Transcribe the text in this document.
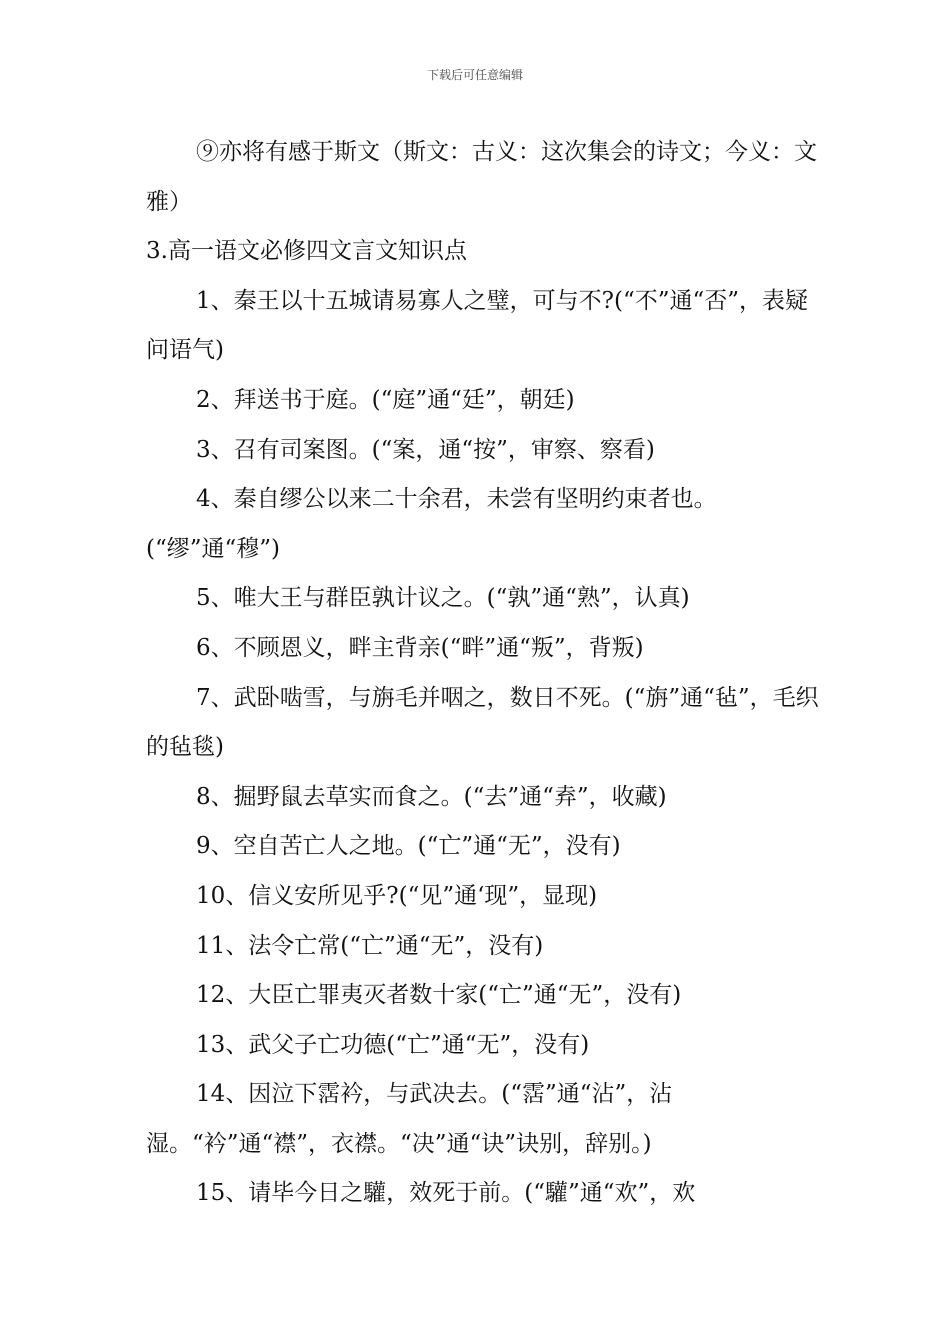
下载后可任意编辑

⑨亦将有感于斯文（斯文：古义：这次集会的诗文；今义：文雅）

3.高一语文必修四文言文知识点

1、秦王以十五城请易寡人之璧，可与不?(“不”通“否”，表疑问语气)

2、拜送书于庭。(“庭”通“廷”，朝廷)

3、召有司案图。(“案，通“按”，审察、察看)

4、秦自缪公以来二十余君，未尝有坚明约束者也。(“缪”通“穆”)

5、唯大王与群臣孰计议之。(“孰”通“熟”，认真)

6、不顾恩义，畔主背亲(“畔”通“叛”，背叛)

7、武卧啮雪，与旃毛并咽之，数日不死。(“旃”通“毡”，毛织的毡毯)

8、掘野鼠去草实而食之。(“去”通“弆”，收藏)

9、空自苦亡人之地。(“亡”通“无”，没有)

10、信义安所见乎?(“见”通‘现”，显现)

11、法令亡常(“亡”通“无”，没有)

12、大臣亡罪夷灭者数十家(“亡”通“无”，没有)

13、武父子亡功德(“亡”通“无”，没有)

14、因泣下霑衿，与武决去。(“霑”通“沾”，沾湿。“衿”通“襟”，衣襟。“决”通“诀”诀别，辞别。)

15、请毕今日之驩，效死于前。(“驩”通“欢”，欢
